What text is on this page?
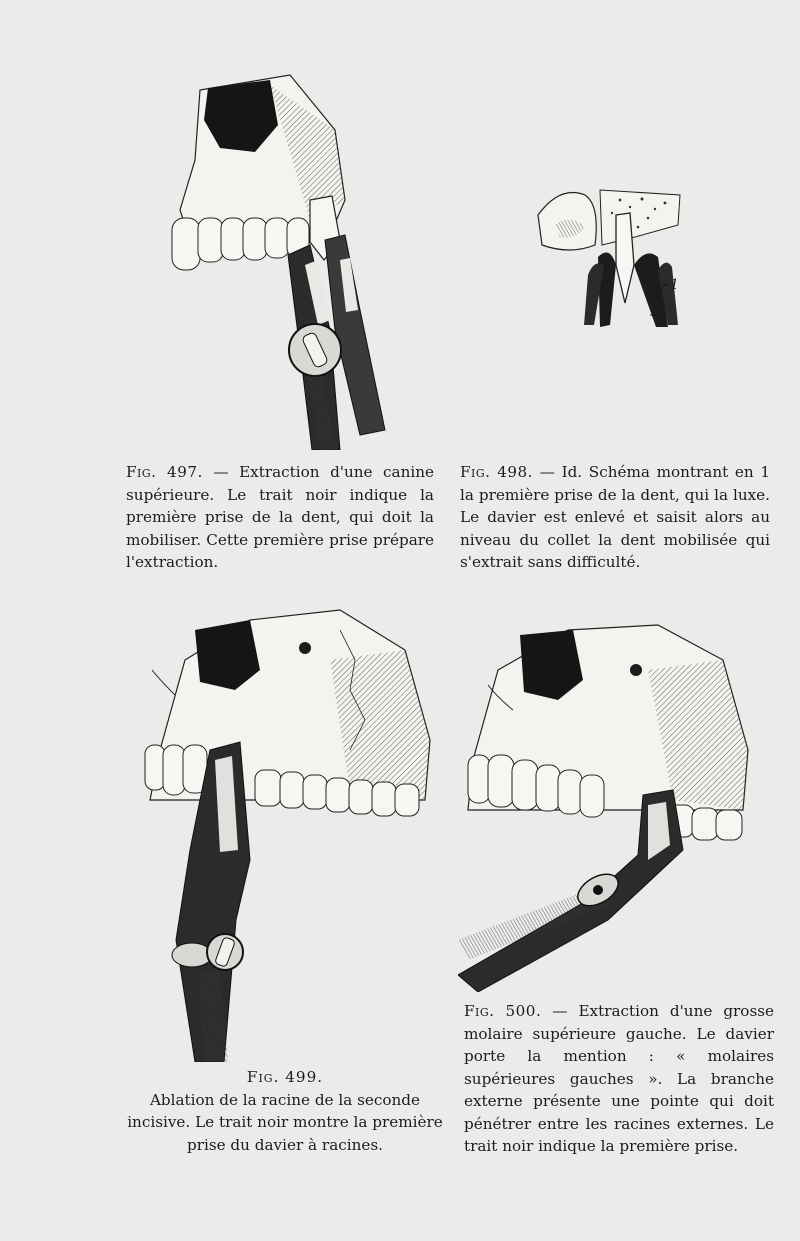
1
2
Fig. 497. — Extraction d'une canine supérieure. Le trait noir indique la première prise de la dent, qui doit la mobiliser. Cette première prise prépare l'extraction.
Fig. 498. — Id. Schéma montrant en 1 la première prise de la dent, qui la luxe. Le davier est enlevé et saisit alors au niveau du collet la dent mobilisée qui s'extrait sans difficulté.
Fig. 499.
Ablation de la racine de la seconde incisive. Le trait noir montre la première prise du davier à racines.
Fig. 500. — Extraction d'une grosse molaire supérieure gauche. Le davier porte la mention : « molaires supérieures gauches ». La branche externe présente une pointe qui doit pénétrer entre les racines externes. Le trait noir indique la première prise.
